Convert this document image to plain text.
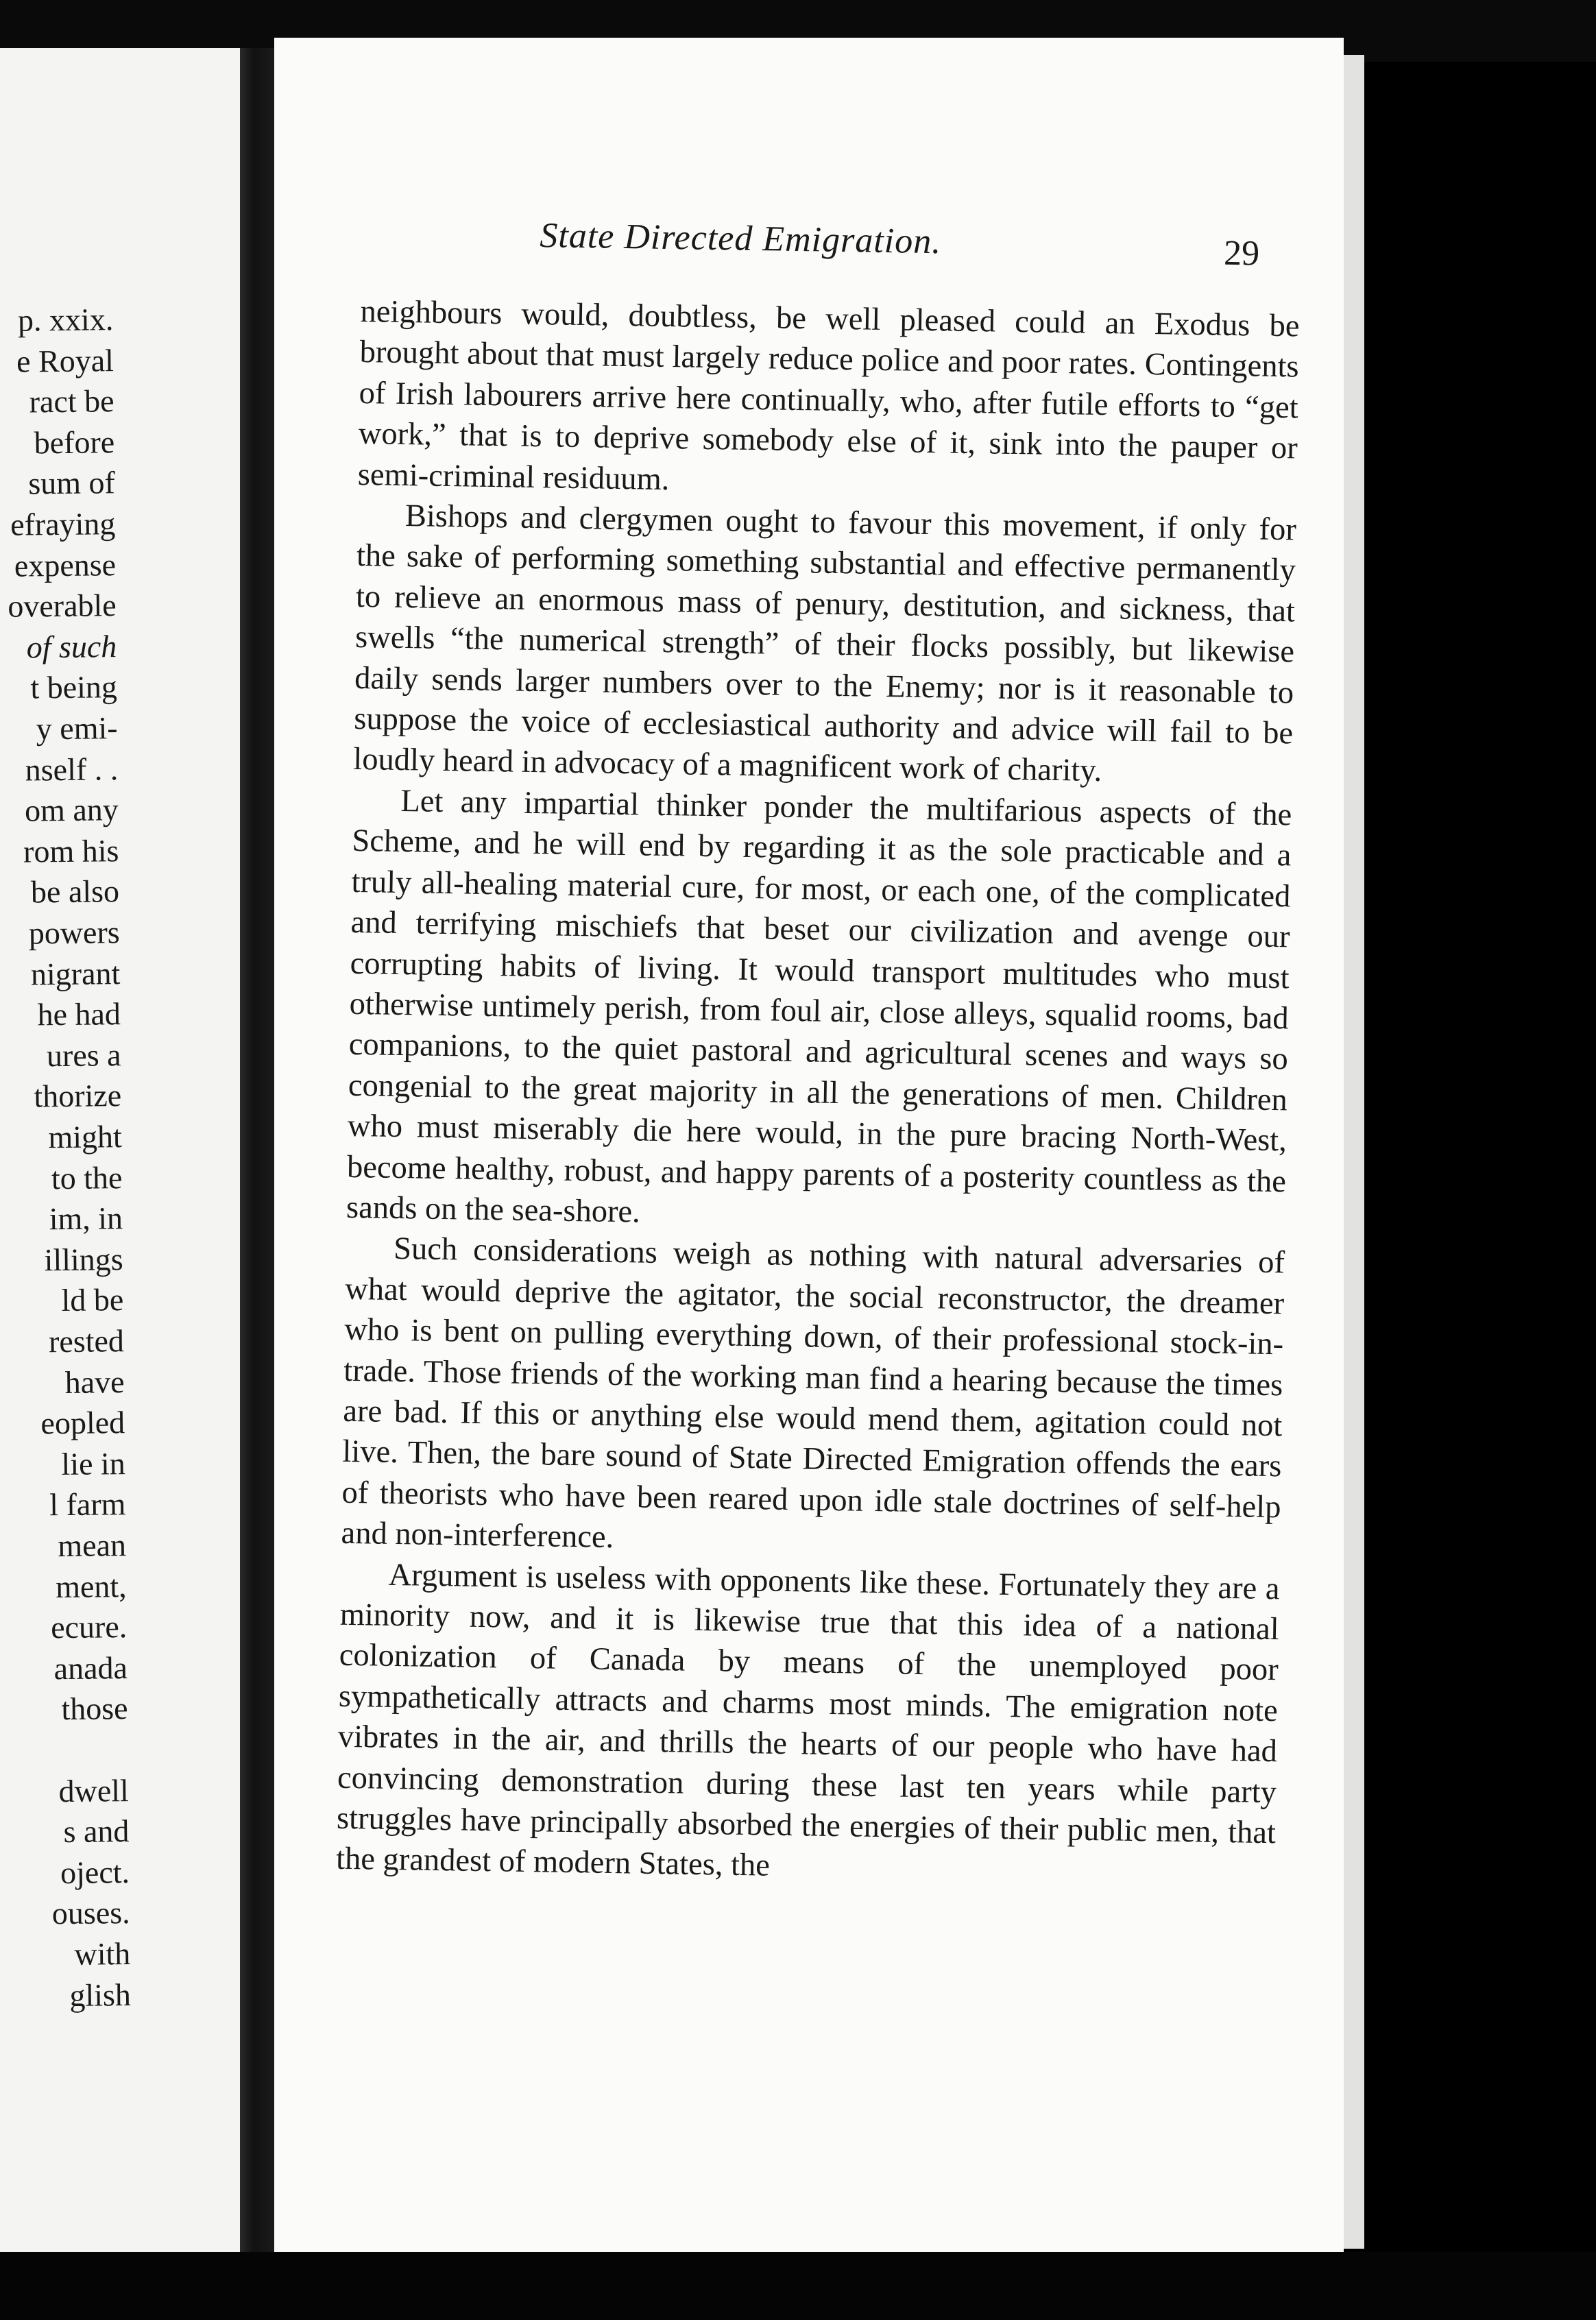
p. xxix.
e Royal
ract be
before
sum of
efraying
expense
overable
of such
t being
y emi-
nself . .
om any
rom his
be also
powers
nigrant
he had
ures a
thorize
might
to the
im, in
illings
ld be
rested
have
eopled
lie in
l farm
mean
ment,
ecure.
anada
those
dwell
s and
oject.
ouses.
with
glish
State Directed Emigration.	29

neighbours would, doubtless, be well pleased could an Exodus be brought about that must largely reduce police and poor rates. Contingents of Irish labourers arrive here continually, who, after futile efforts to “get work,” that is to deprive somebody else of it, sink into the pauper or semi-criminal residuum.

Bishops and clergymen ought to favour this movement, if only for the sake of performing something substantial and effective permanently to relieve an enormous mass of penury, destitution, and sickness, that swells “the numerical strength” of their flocks possibly, but likewise daily sends larger numbers over to the Enemy; nor is it reasonable to suppose the voice of ecclesiastical authority and advice will fail to be loudly heard in advocacy of a magnificent work of charity.

Let any impartial thinker ponder the multifarious aspects of the Scheme, and he will end by regarding it as the sole practicable and a truly all-healing material cure, for most, or each one, of the complicated and terrifying mischiefs that beset our civilization and avenge our corrupting habits of living. It would transport multitudes who must otherwise untimely perish, from foul air, close alleys, squalid rooms, bad companions, to the quiet pastoral and agricultural scenes and ways so congenial to the great majority in all the generations of men. Children who must miserably die here would, in the pure bracing North-West, become healthy, robust, and happy parents of a posterity countless as the sands on the sea-shore.

Such considerations weigh as nothing with natural adversaries of what would deprive the agitator, the social reconstructor, the dreamer who is bent on pulling everything down, of their professional stock-in-trade. Those friends of the working man find a hearing because the times are bad. If this or anything else would mend them, agitation could not live. Then, the bare sound of State Directed Emigration offends the ears of theorists who have been reared upon idle stale doctrines of self-help and non-interference.

Argument is useless with opponents like these. Fortunately they are a minority now, and it is likewise true that this idea of a national colonization of Canada by means of the unemployed poor sympathetically attracts and charms most minds. The emigration note vibrates in the air, and thrills the hearts of our people who have had convincing demonstration during these last ten years while party struggles have principally absorbed the energies of their public men, that the grandest of modern States, the
